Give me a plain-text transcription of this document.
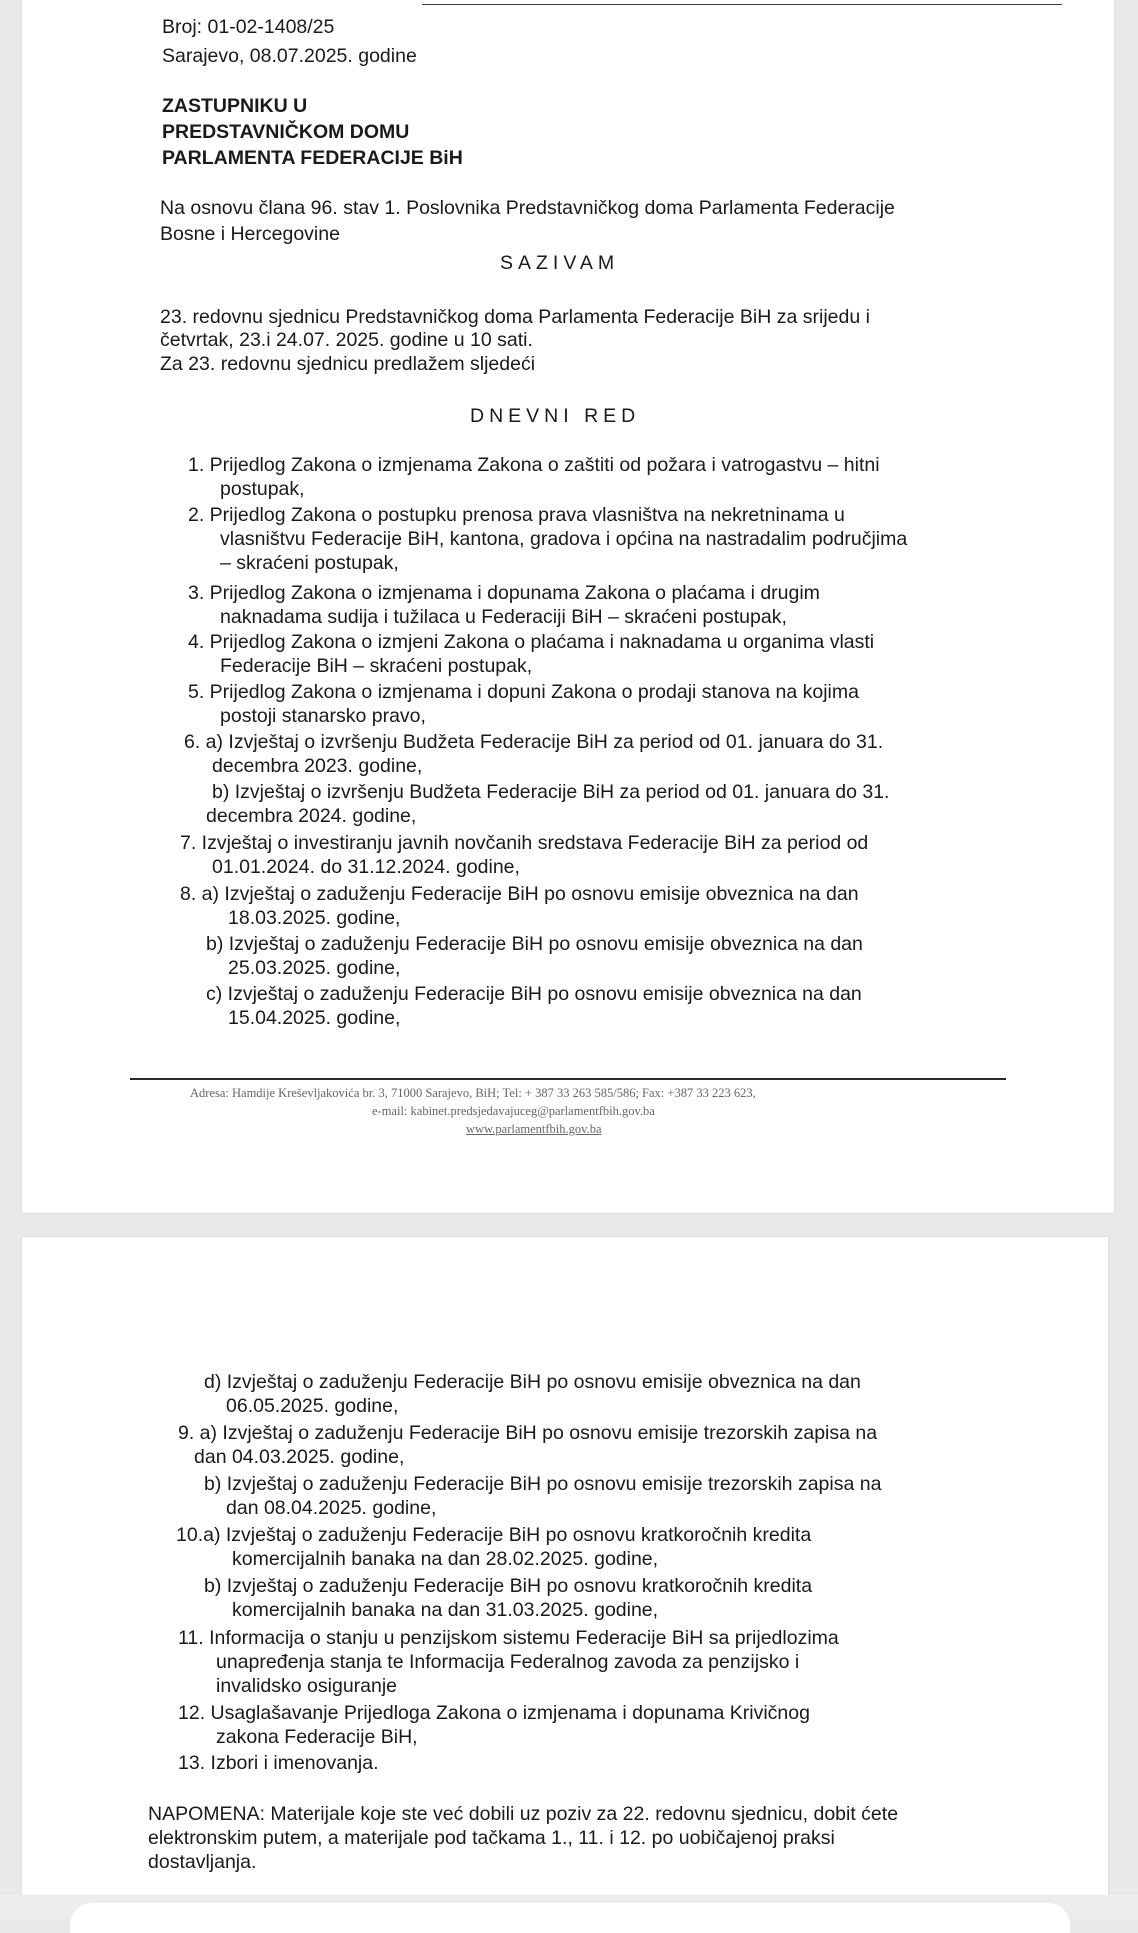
Broj: 01-02-1408/25
Sarajevo, 08.07.2025. godine
ZASTUPNIKU U
PREDSTAVNIČKOM DOMU
PARLAMENTA FEDERACIJE BiH
Na osnovu člana 96. stav 1. Poslovnika Predstavničkog doma Parlamenta Federacije
Bosne i Hercegovine
SAZIVAM
23. redovnu sjednicu Predstavničkog doma Parlamenta Federacije BiH za srijedu i
četvrtak, 23.i 24.07. 2025. godine u 10 sati.
Za 23. redovnu sjednicu predlažem sljedeći
DNEVNI RED
1. Prijedlog Zakona o izmjenama Zakona o zaštiti od požara i vatrogastvu – hitni
postupak,
2. Prijedlog Zakona o postupku prenosa prava vlasništva na nekretninama u
vlasništvu Federacije BiH, kantona, gradova i općina na nastradalim područjima
– skraćeni postupak,
3. Prijedlog Zakona o izmjenama i dopunama Zakona o plaćama i drugim
naknadama sudija i tužilaca u Federaciji BiH – skraćeni postupak,
4. Prijedlog Zakona o izmjeni Zakona o plaćama i naknadama u organima vlasti
Federacije BiH – skraćeni postupak,
5. Prijedlog Zakona o izmjenama i dopuni Zakona o prodaji stanova na kojima
postoji stanarsko pravo,
6. a) Izvještaj o izvršenju Budžeta Federacije BiH za period od 01. januara do 31.
decembra 2023. godine,
b) Izvještaj o izvršenju Budžeta Federacije BiH za period od 01. januara do 31.
decembra 2024. godine,
7. Izvještaj o investiranju javnih novčanih sredstava Federacije BiH za period od
01.01.2024. do 31.12.2024. godine,
8. a) Izvještaj o zaduženju Federacije BiH po osnovu emisije obveznica na dan
18.03.2025. godine,
b) Izvještaj o zaduženju Federacije BiH po osnovu emisije obveznica na dan
25.03.2025. godine,
c) Izvještaj o zaduženju Federacije BiH po osnovu emisije obveznica na dan
15.04.2025. godine,
Adresa: Hamdije Kreševljakovića br. 3, 71000 Sarajevo, BiH; Tel: + 387 33 263 585/586; Fax: +387 33 223 623,
e-mail: kabinet.predsjedavajuceg@parlamentfbih.gov.ba
www.parlamentfbih.gov.ba
d) Izvještaj o zaduženju Federacije BiH po osnovu emisije obveznica na dan
06.05.2025. godine,
9. a) Izvještaj o zaduženju Federacije BiH po osnovu emisije trezorskih zapisa na
dan 04.03.2025. godine,
b) Izvještaj o zaduženju Federacije BiH po osnovu emisije trezorskih zapisa na
dan 08.04.2025. godine,
10.a) Izvještaj o zaduženju Federacije BiH po osnovu kratkoročnih kredita
komercijalnih banaka na dan 28.02.2025. godine,
b) Izvještaj o zaduženju Federacije BiH po osnovu kratkoročnih kredita
komercijalnih banaka na dan 31.03.2025. godine,
11. Informacija o stanju u penzijskom sistemu Federacije BiH sa prijedlozima
unapređenja stanja te Informacija Federalnog zavoda za penzijsko i
invalidsko osiguranje
12. Usaglašavanje Prijedloga Zakona o izmjenama i dopunama Krivičnog
zakona Federacije BiH,
13. Izbori i imenovanja.
NAPOMENA: Materijale koje ste već dobili uz poziv za 22. redovnu sjednicu, dobit ćete
elektronskim putem, a materijale pod tačkama 1., 11. i 12. po uobičajenoj praksi
dostavljanja.
